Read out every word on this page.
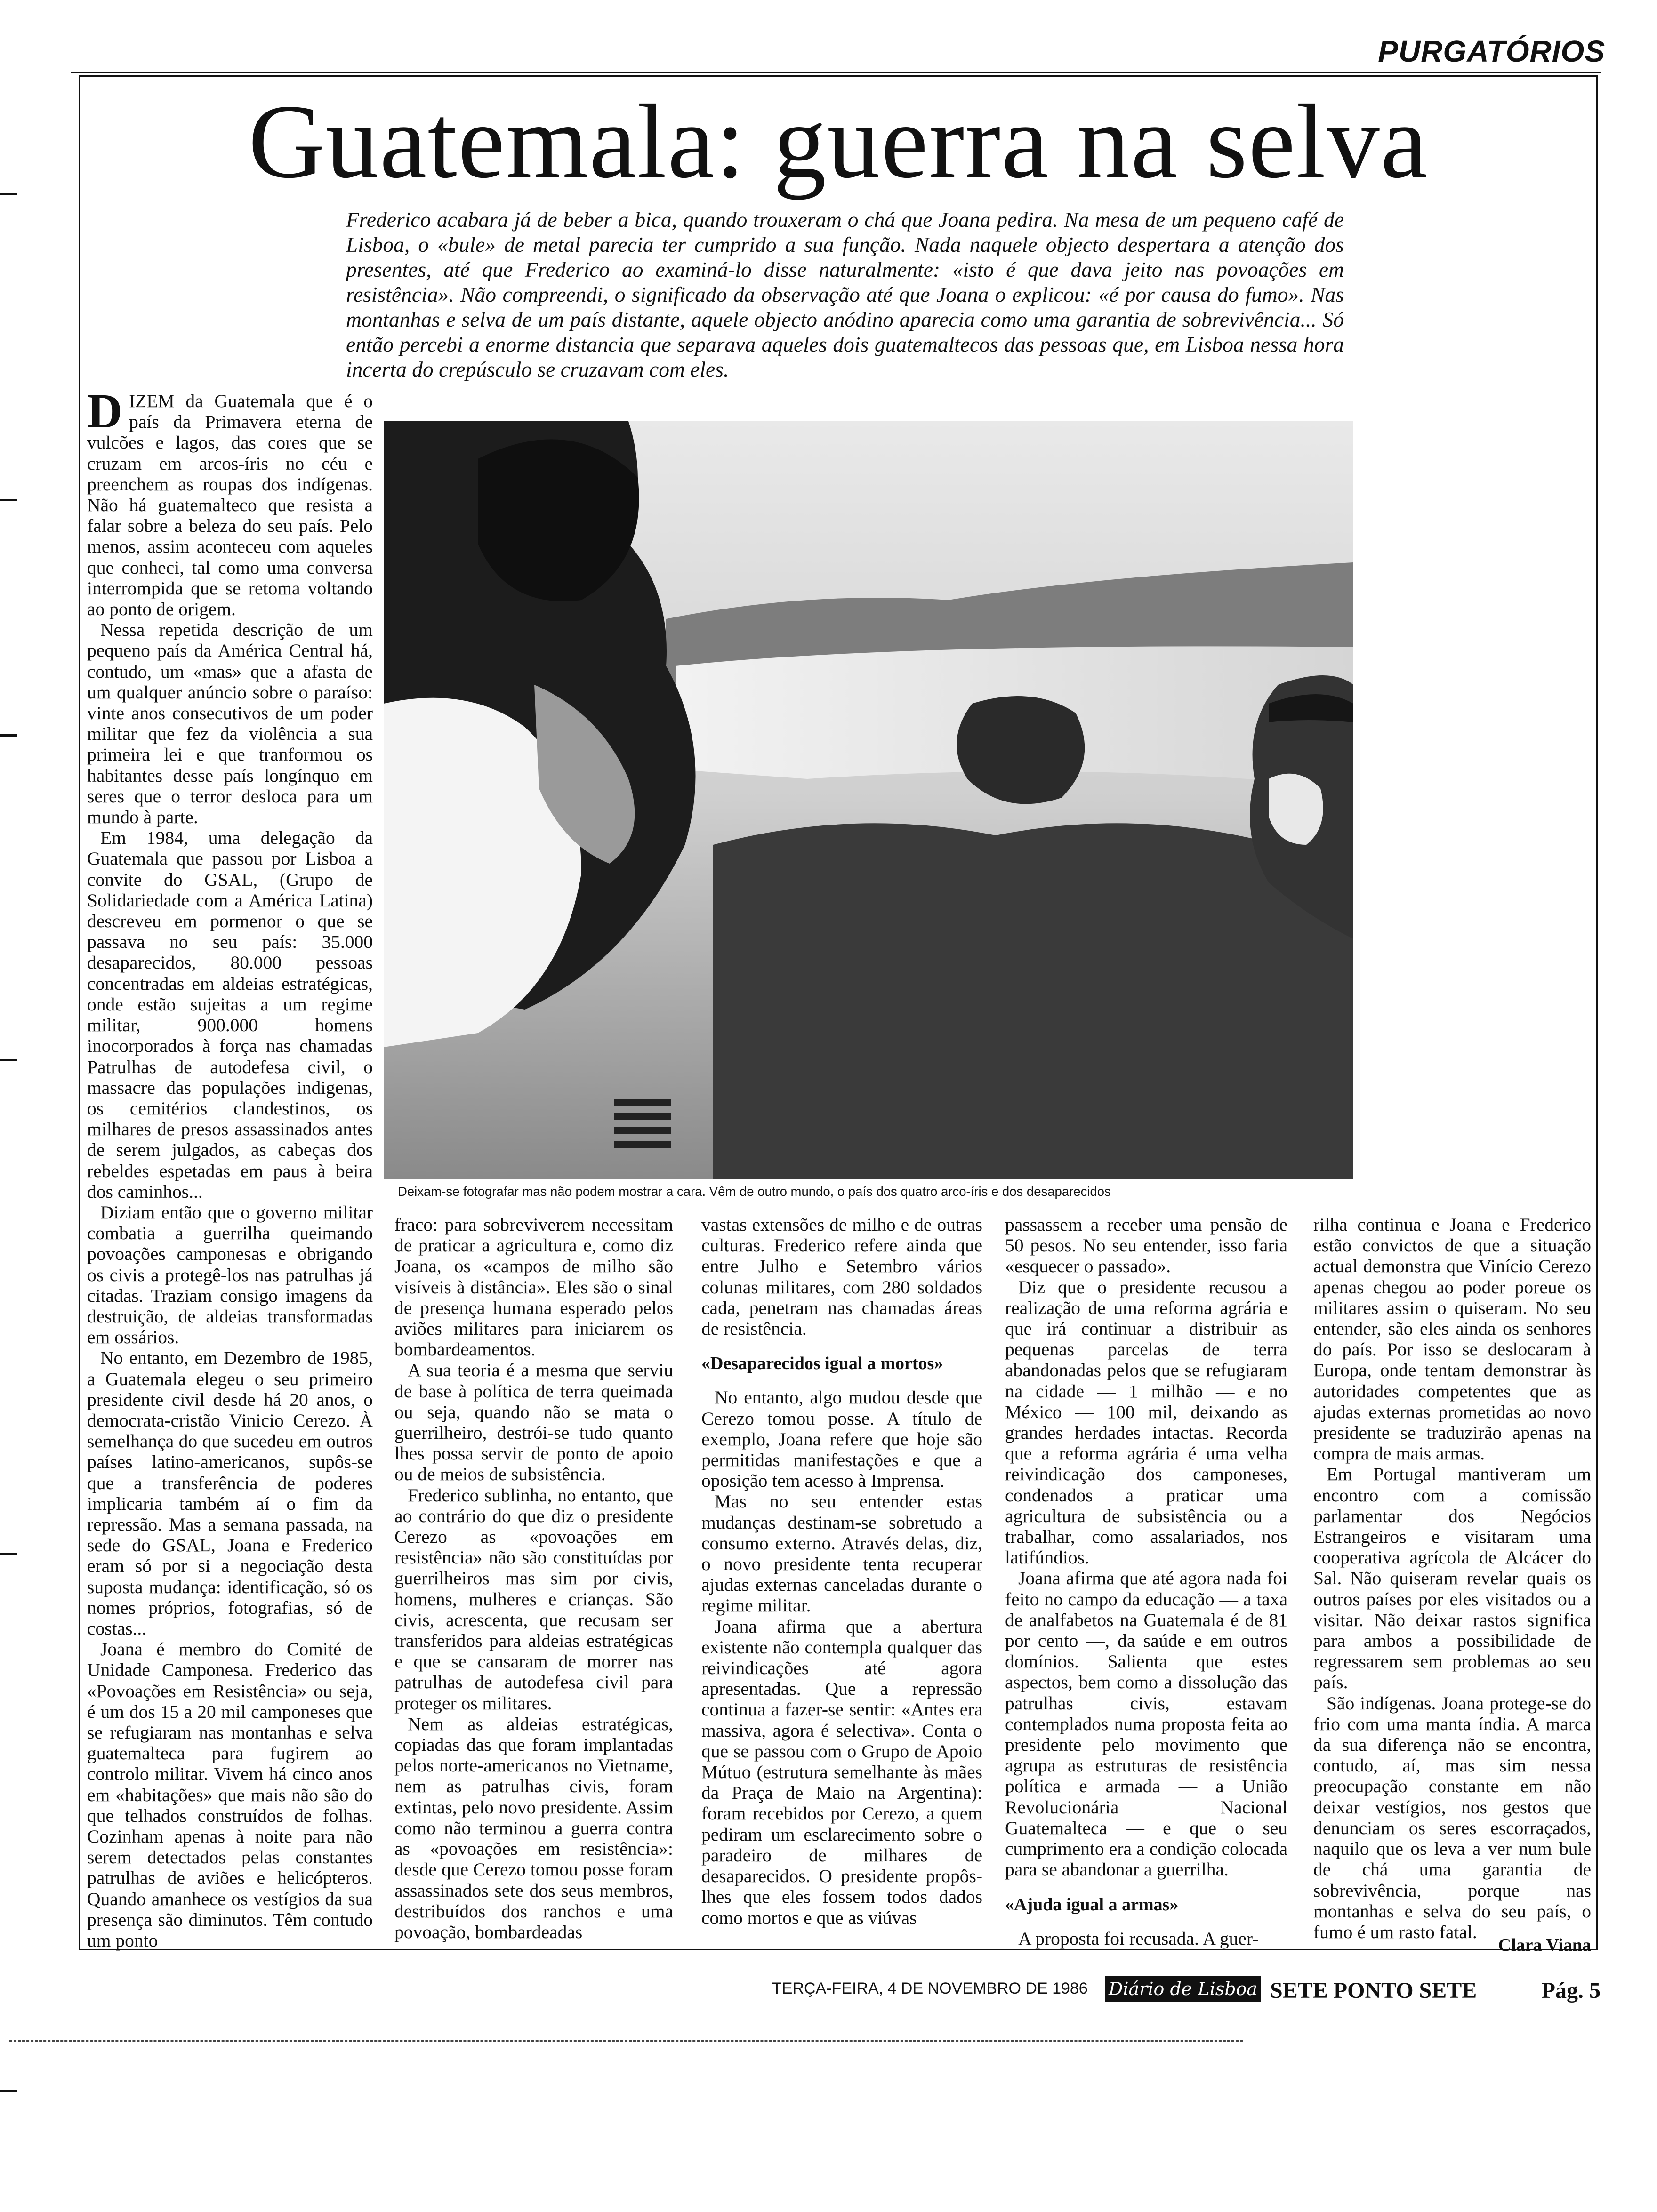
PURGATÓRIOS
Guatemala: guerra na selva
Frederico acabara já de beber a bica, quando trouxeram o chá que Joana pedira. Na mesa de um pequeno café de Lisboa, o «bule» de metal parecia ter cumprido a sua função. Nada naquele objecto despertara a atenção dos presentes, até que Frederico ao examiná-lo disse naturalmente: «isto é que dava jeito nas povoações em resistência». Não compreendi, o significado da observação até que Joana o explicou: «é por causa do fumo». Nas montanhas e selva de um país distante, aquele objecto anódino aparecia como uma garantia de sobrevivência... Só então percebi a enorme distancia que separava aqueles dois guatemaltecos das pessoas que, em Lisboa nessa hora incerta do crepúsculo se cruzavam com eles.
Deixam-se fotografar mas não podem mostrar a cara. Vêm de outro mundo, o país dos quatro arco-íris e dos desaparecidos

DIZEM da Guatemala que é o país da Primavera eterna de vulcões e lagos, das cores que se cruzam em arcos-íris no céu e preenchem as roupas dos indígenas. Não há guatemalteco que resista a falar sobre a beleza do seu país. Pelo menos, assim aconteceu com aqueles que conheci, tal como uma conversa interrompida que se retoma voltando ao ponto de origem.

Nessa repetida descrição de um pequeno país da América Central há, contudo, um «mas» que a afasta de um qualquer anúncio sobre o paraíso: vinte anos consecutivos de um poder militar que fez da violência a sua primeira lei e que tranformou os habitantes desse país longínquo em seres que o terror desloca para um mundo à parte.

Em 1984, uma delegação da Guatemala que passou por Lisboa a convite do GSAL, (Grupo de Solidariedade com a América Latina) descreveu em pormenor o que se passava no seu país: 35.000 desaparecidos, 80.000 pessoas concentradas em aldeias estratégicas, onde estão sujeitas a um regime militar, 900.000 homens inocorporados à força nas chamadas Patrulhas de autodefesa civil, o massacre das populações indigenas, os cemitérios clandestinos, os milhares de presos assassinados antes de serem julgados, as cabeças dos rebeldes espetadas em paus à beira dos caminhos...

Diziam então que o governo militar combatia a guerrilha queimando povoações camponesas e obrigando os civis a protegê-los nas patrulhas já citadas. Traziam consigo imagens da destruição, de aldeias transformadas em ossários.

No entanto, em Dezembro de 1985, a Guatemala elegeu o seu primeiro presidente civil desde há 20 anos, o democrata-cristão Vinicio Cerezo. À semelhança do que sucedeu em outros países latino-americanos, supôs-se que a transferência de poderes implicaria também aí o fim da repressão. Mas a semana passada, na sede do GSAL, Joana e Frederico eram só por si a negociação desta suposta mudança: identificação, só os nomes próprios, fotografias, só de costas...

Joana é membro do Comité de Unidade Camponesa. Frederico das «Povoações em Resistência» ou seja, é um dos 15 a 20 mil camponeses que se refugiaram nas montanhas e selva guatemalteca para fugirem ao controlo militar. Vivem há cinco anos em «habitações» que mais não são do que telhados construídos de folhas. Cozinham apenas à noite para não serem detectados pelas constantes patrulhas de aviões e helicópteros. Quando amanhece os vestígios da sua presença são diminutos. Têm contudo um ponto

fraco: para sobreviverem necessitam de praticar a agricultura e, como diz Joana, os «campos de milho são visíveis à distância». Eles são o sinal de presença humana esperado pelos aviões militares para iniciarem os bombardeamentos.

A sua teoria é a mesma que serviu de base à política de terra queimada ou seja, quando não se mata o guerrilheiro, destrói-se tudo quanto lhes possa servir de ponto de apoio ou de meios de subsistência.

Frederico sublinha, no entanto, que ao contrário do que diz o presidente Cerezo as «povoações em resistência» não são constituídas por guerrilheiros mas sim por civis, homens, mulheres e crianças. São civis, acrescenta, que recusam ser transferidos para aldeias estratégicas e que se cansaram de morrer nas patrulhas de autodefesa civil para proteger os militares.

Nem as aldeias estratégicas, copiadas das que foram implantadas pelos norte-americanos no Vietname, nem as patrulhas civis, foram extintas, pelo novo presidente. Assim como não terminou a guerra contra as «povoações em resistência»: desde que Cerezo tomou posse foram assassinados sete dos seus membros, destribuídos dos ranchos e uma povoação, bombardeadas

vastas extensões de milho e de outras culturas. Frederico refere ainda que entre Julho e Setembro vários colunas militares, com 280 soldados cada, penetram nas chamadas áreas de resistência.

«Desaparecidos igual a mortos»

No entanto, algo mudou desde que Cerezo tomou posse. A título de exemplo, Joana refere que hoje são permitidas manifestações e que a oposição tem acesso à Imprensa.

Mas no seu entender estas mudanças destinam-se sobretudo a consumo externo. Através delas, diz, o novo presidente tenta recuperar ajudas externas canceladas durante o regime militar.

Joana afirma que a abertura existente não contempla qualquer das reivindicações até agora apresentadas. Que a repressão continua a fazer-se sentir: «Antes era massiva, agora é selectiva». Conta o que se passou com o Grupo de Apoio Mútuo (estrutura semelhante às mães da Praça de Maio na Argentina): foram recebidos por Cerezo, a quem pediram um esclarecimento sobre o paradeiro de milhares de desaparecidos. O presidente propôs-lhes que eles fossem todos dados como mortos e que as viúvas

passassem a receber uma pensão de 50 pesos. No seu entender, isso faria «esquecer o passado».

Diz que o presidente recusou a realização de uma reforma agrária e que irá continuar a distribuir as pequenas parcelas de terra abandonadas pelos que se refugiaram na cidade — 1 milhão — e no México — 100 mil, deixando as grandes herdades intactas. Recorda que a reforma agrária é uma velha reivindicação dos camponeses, condenados a praticar uma agricultura de subsistência ou a trabalhar, como assalariados, nos latifúndios.

Joana afirma que até agora nada foi feito no campo da educação — a taxa de analfabetos na Guatemala é de 81 por cento —, da saúde e em outros domínios. Salienta que estes aspectos, bem como a dissolução das patrulhas civis, estavam contemplados numa proposta feita ao presidente pelo movimento que agrupa as estruturas de resistência política e armada — a União Revolucionária Nacional Guatemalteca — e que o seu cumprimento era a condição colocada para se abandonar a guerrilha.

«Ajuda igual a armas»

A proposta foi recusada. A guer-

rilha continua e Joana e Frederico estão convictos de que a situação actual demonstra que Vinício Cerezo apenas chegou ao poder poreue os militares assim o quiseram. No seu entender, são eles ainda os senhores do país. Por isso se deslocaram à Europa, onde tentam demonstrar às autoridades competentes que as ajudas externas prometidas ao novo presidente se traduzirão apenas na compra de mais armas.

Em Portugal mantiveram um encontro com a comissão parlamentar dos Negócios Estrangeiros e visitaram uma cooperativa agrícola de Alcácer do Sal. Não quiseram revelar quais os outros países por eles visitados ou a visitar. Não deixar rastos significa para ambos a possibilidade de regressarem sem problemas ao seu país.

São indígenas. Joana protege-se do frio com uma manta índia. A marca da sua diferença não se encontra, contudo, aí, mas sim nessa preocupação constante em não deixar vestígios, nos gestos que denunciam os seres escorraçados, naquilo que os leva a ver num bule de chá uma garantia de sobrevivência, porque nas montanhas e selva do seu país, o fumo é um rasto fatal.

Clara Viana
TERÇA-FEIRA, 4 DE NOVEMBRO DE 1986 Diário de Lisboa SETE PONTO SETE	Pág. 5
